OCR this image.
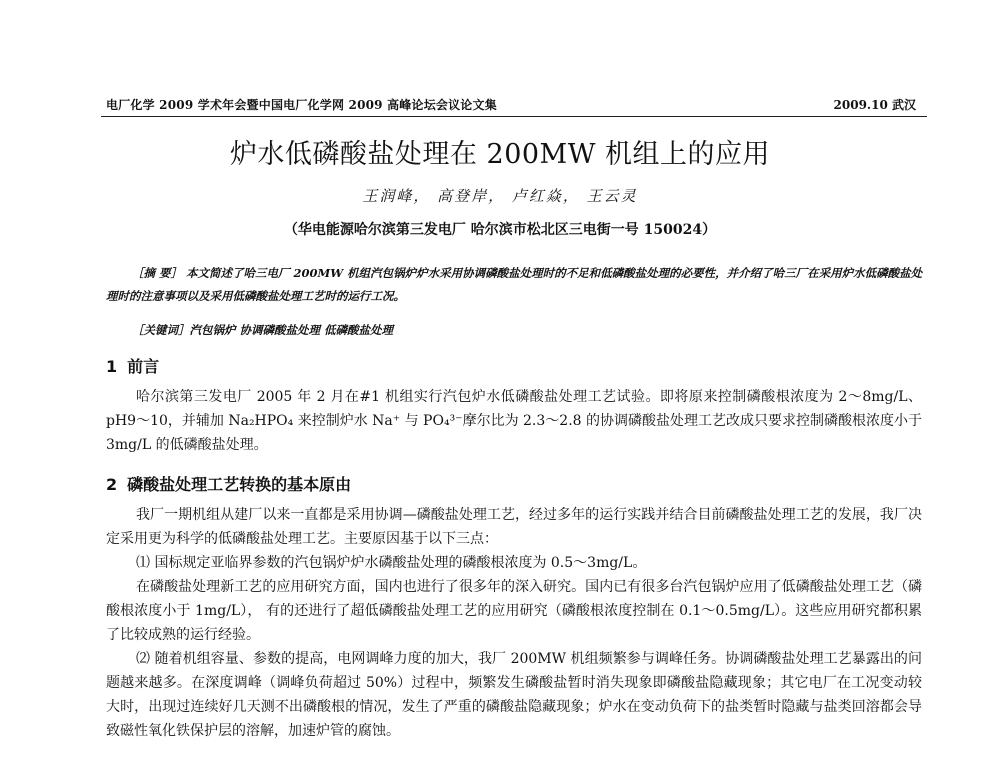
电厂化学 2009 学术年会暨中国电厂化学网 2009 高峰论坛会议论文集	2009.10 武汉
炉水低磷酸盐处理在 200MW 机组上的应用
王润峰， 高登岸， 卢红焱， 王云灵
（华电能源哈尔滨第三发电厂 哈尔滨市松北区三电街一号 150024）
［摘 要］ 本文简述了哈三电厂 200MW 机组汽包锅炉炉水采用协调磷酸盐处理时的不足和低磷酸盐处理的必要性，并介绍了哈三厂在采用炉水低磷酸盐处理时的注意事项以及采用低磷酸盐处理工艺时的运行工况。
［关键词］汽包锅炉 协调磷酸盐处理 低磷酸盐处理
1 前言

哈尔滨第三发电厂 2005 年 2 月在#1 机组实行汽包炉水低磷酸盐处理工艺试验。即将原来控制磷酸根浓度为 2～8mg/L、pH9～10，并辅加 Na₂HPO₄ 来控制炉水 Na⁺ 与 PO₄³⁻摩尔比为 2.3～2.8 的协调磷酸盐处理工艺改成只要求控制磷酸根浓度小于 3mg/L 的低磷酸盐处理。

2 磷酸盐处理工艺转换的基本原由

我厂一期机组从建厂以来一直都是采用协调—磷酸盐处理工艺，经过多年的运行实践并结合目前磷酸盐处理工艺的发展，我厂决定采用更为科学的低磷酸盐处理工艺。主要原因基于以下三点：

⑴ 国标规定亚临界参数的汽包锅炉炉水磷酸盐处理的磷酸根浓度为 0.5～3mg/L。

在磷酸盐处理新工艺的应用研究方面，国内也进行了很多年的深入研究。国内已有很多台汽包锅炉应用了低磷酸盐处理工艺（磷酸根浓度小于 1mg/L）， 有的还进行了超低磷酸盐处理工艺的应用研究（磷酸根浓度控制在 0.1～0.5mg/L）。这些应用研究都积累了比较成熟的运行经验。

⑵ 随着机组容量、参数的提高，电网调峰力度的加大，我厂 200MW 机组频繁参与调峰任务。协调磷酸盐处理工艺暴露出的问题越来越多。在深度调峰（调峰负荷超过 50%）过程中，频繁发生磷酸盐暂时消失现象即磷酸盐隐藏现象；其它电厂在工况变动较大时，出现过连续好几天测不出磷酸根的情况，发生了严重的磷酸盐隐藏现象；炉水在变动负荷下的盐类暂时隐藏与盐类回溶都会导致磁性氧化铁保护层的溶解，加速炉管的腐蚀。
